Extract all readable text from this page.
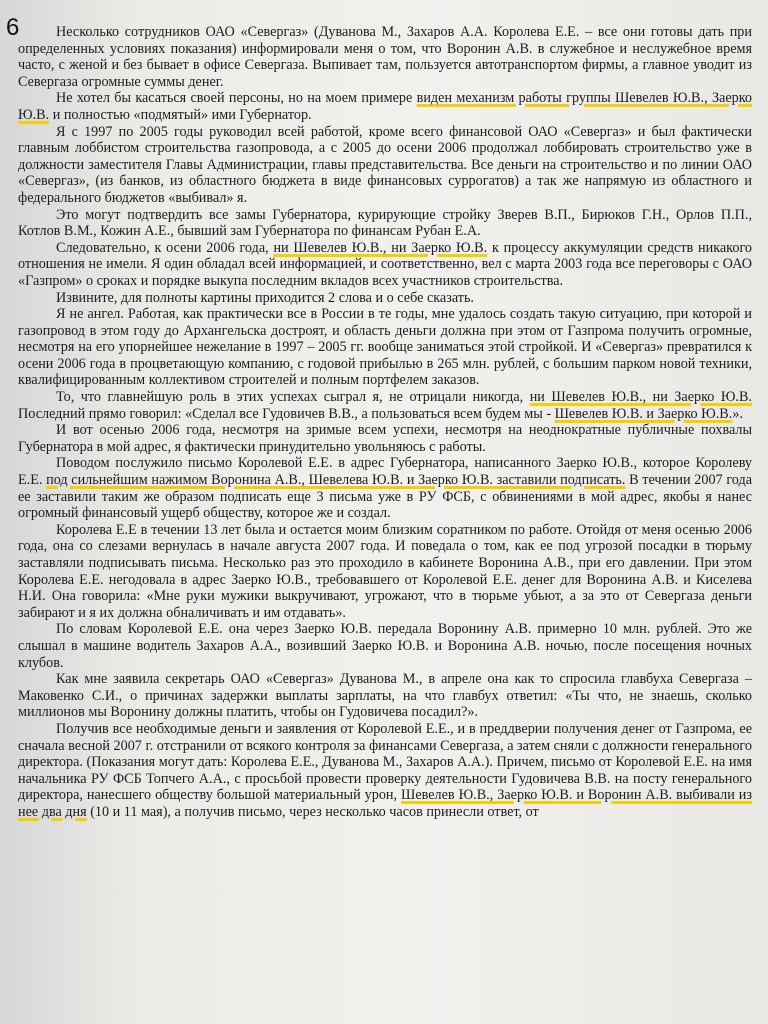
6	Несколько сотрудников ОАО «Севергаз» (Дуванова М., Захаров А.А. Королева Е.Е. – все они готовы дать при определенных условиях показания) информировали меня о том, что Воронин А.В. в служебное и неслужебное время часто, с женой и без бывает в офисе Севергаза. Выпивает там, пользуется автотранспортом фирмы, а главное уводит из Севергаза огромные суммы денег.

Не хотел бы касаться своей персоны, но на моем примере виден механизм работы группы Шевелев Ю.В., Заерко Ю.В. и полностью «подмятый» ими Губернатор.

Я с 1997 по 2005 годы руководил всей работой, кроме всего финансовой ОАО «Севергаз» и был фактически главным лоббистом строительства газопровода, а с 2005 до осени 2006 продолжал лоббировать строительство уже в должности заместителя Главы Администрации, главы представительства. Все деньги на строительство и по линии ОАО «Севергаз», (из банков, из областного бюджета в виде финансовых суррогатов) а так же напрямую из областного и федерального бюджетов «выбивал» я.

Это могут подтвердить все замы Губернатора, курирующие стройку Зверев В.П., Бирюков Г.Н., Орлов П.П., Котлов В.М., Кожин А.Е., бывший зам Губернатора по финансам Рубан Е.А.

Следовательно, к осени 2006 года, ни Шевелев Ю.В., ни Заерко Ю.В. к процессу аккумуляции средств никакого отношения не имели. Я один обладал всей информацией, и соответственно, вел с марта 2003 года все переговоры с ОАО «Газпром» о сроках и порядке выкупа последним вкладов всех участников строительства.

Извините, для полноты картины приходится 2 слова и о себе сказать.

Я не ангел. Работая, как практически все в России в те годы, мне удалось создать такую ситуацию, при которой и газопровод в этом году до Архангельска достроят, и область деньги должна при этом от Газпрома получить огромные, несмотря на его упорнейшее нежелание в 1997 – 2005 гг. вообще заниматься этой стройкой. И «Севергаз» превратился к осени 2006 года в процветающую компанию, с годовой прибылью в 265 млн. рублей, с большим парком новой техники, квалифицированным коллективом строителей и полным портфелем заказов.

То, что главнейшую роль в этих успехах сыграл я, не отрицали никогда, ни Шевелев Ю.В., ни Заерко Ю.В. Последний прямо говорил: «Сделал все Гудовичев В.В., а пользоваться всем будем мы - Шевелев Ю.В. и Заерко Ю.В.».

И вот осенью 2006 года, несмотря на зримые всем успехи, несмотря на неоднократные публичные похвалы Губернатора в мой адрес, я фактически принудительно увольняюсь с работы.

Поводом послужило письмо Королевой Е.Е. в адрес Губернатора, написанного Заерко Ю.В., которое Королеву Е.Е. под сильнейшим нажимом Воронина А.В., Шевелева Ю.В. и Заерко Ю.В. заставили подписать. В течении 2007 года ее заставили таким же образом подписать еще 3 письма уже в РУ ФСБ, с обвинениями в мой адрес, якобы я нанес огромный финансовый ущерб обществу, которое же и создал.

Королева Е.Е в течении 13 лет была и остается моим близким соратником по работе. Отойдя от меня осенью 2006 года, она со слезами вернулась в начале августа 2007 года. И поведала о том, как ее под угрозой посадки в тюрьму заставляли подписывать письма. Несколько раз это проходило в кабинете Воронина А.В., при его давлении. При этом Королева Е.Е. негодовала в адрес Заерко Ю.В., требовавшего от Королевой Е.Е. денег для Воронина А.В. и Киселева Н.И. Она говорила: «Мне руки мужики выкручивают, угрожают, что в тюрьме убьют, а за это от Севергаза деньги забирают и я их должна обналичивать и им отдавать».

По словам Королевой Е.Е. она через Заерко Ю.В. передала Воронину А.В. примерно 10 млн. рублей. Это же слышал в машине водитель Захаров А.А., возивший Заерко Ю.В. и Воронина А.В. ночью, после посещения ночных клубов.

Как мне заявила секретарь ОАО «Севергаз» Дуванова М., в апреле она как то спросила главбуха Севергаза – Маковенко С.И., о причинах задержки выплаты зарплаты, на что главбух ответил: «Ты что, не знаешь, сколько миллионов мы Воронину должны платить, чтобы он Гудовичева посадил?».

Получив все необходимые деньги и заявления от Королевой Е.Е., и в преддверии получения денег от Газпрома, ее сначала весной 2007 г. отстранили от всякого контроля за финансами Севергаза, а затем сняли с должности генерального директора. (Показания могут дать: Королева Е.Е., Дуванова М., Захаров А.А.). Причем, письмо от Королевой Е.Е. на имя начальника РУ ФСБ Топчего А.А., с просьбой провести проверку деятельности Гудовичева В.В. на посту генерального директора, нанесшего обществу большой материальный урон, Шевелев Ю.В., Заерко Ю.В. и Воронин А.В. выбивали из нее два дня (10 и 11 мая), а получив письмо, через несколько часов принесли ответ, от
